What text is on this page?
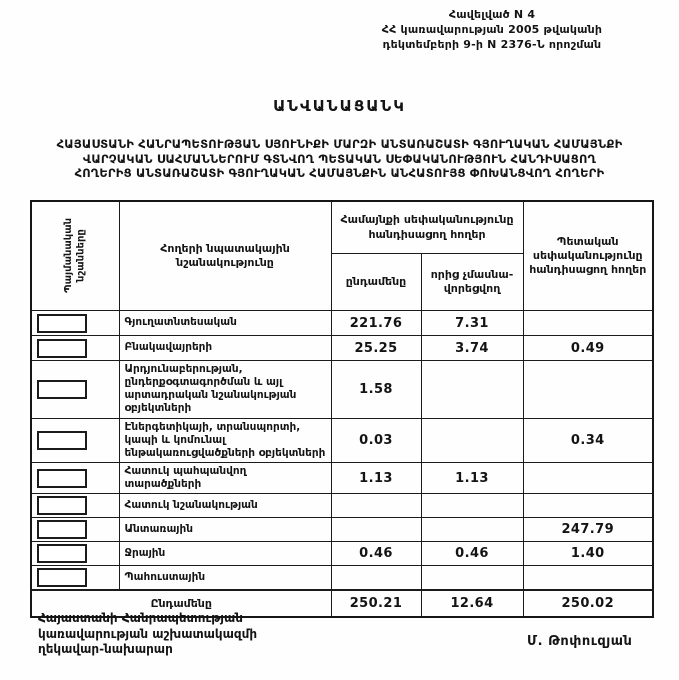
Հավելված N 4
ՀՀ կառավարության 2005 թվականի
դեկտեմբերի 9-ի N 2376-Ն որոշման
ԱՆՎԱՆԱՑԱՆԿ
ՀԱՅԱՍՏԱՆԻ ՀԱՆՐԱՊԵՏՈՒԹՅԱՆ ՍՅՈՒՆԻՔԻ ՄԱՐԶԻ ԱՆՏԱՌԱՇԱՏԻ ԳՅՈՒՂԱԿԱՆ ՀԱՄԱՅՆՔԻ
ՎԱՐՉԱԿԱՆ ՍԱՀՄԱՆՆԵՐՈՒՄ ԳՏՆՎՈՂ ՊԵՏԱԿԱՆ ՍԵՓԱԿԱՆՈՒԹՅՈՒՆ ՀԱՆԴԻՍԱՑՈՂ
ՀՈՂԵՐԻՑ ԱՆՏԱՌԱՇԱՏԻ ԳՅՈՒՂԱԿԱՆ ՀԱՄԱՅՆՔԻՆ ԱՆՀԱՏՈՒՅՑ ՓՈԽԱՆՑՎՈՂ ՀՈՂԵՐԻ
Պայմանական նշանները	Հողերի նպատակային նշանակությունը	Համայնքի սեփականությունը հանդիսացող հողեր		Պետական սեփականությունը հանդիսացող հողեր
		ընդամենը	որից չմասնավորեցվող	

	Գյուղատնտեսական	221.76	7.31	

	Բնակավայրերի	25.25	3.74	0.49

	Արդյունաբերության, ընդերքօգտագործման և այլ արտադրական նշանակության օբյեկտների	1.58		

	Էներգետիկայի, տրանսպորտի, կապի և կոմունալ ենթակառուցվածքների օբյեկտների	0.03		0.34

	Հատուկ պահպանվող տարածքների	1.13	1.13	

	Հատուկ նշանակության			

	Անտառային			247.79

	Ջրային	0.46	0.46	1.40

	Պահուստային			
Ընդամենը		250.21	12.64	250.02
Հայաստանի Հանրապետության
կառավարության աշխատակազմի
ղեկավար-նախարար
Մ. Թոփուզյան
